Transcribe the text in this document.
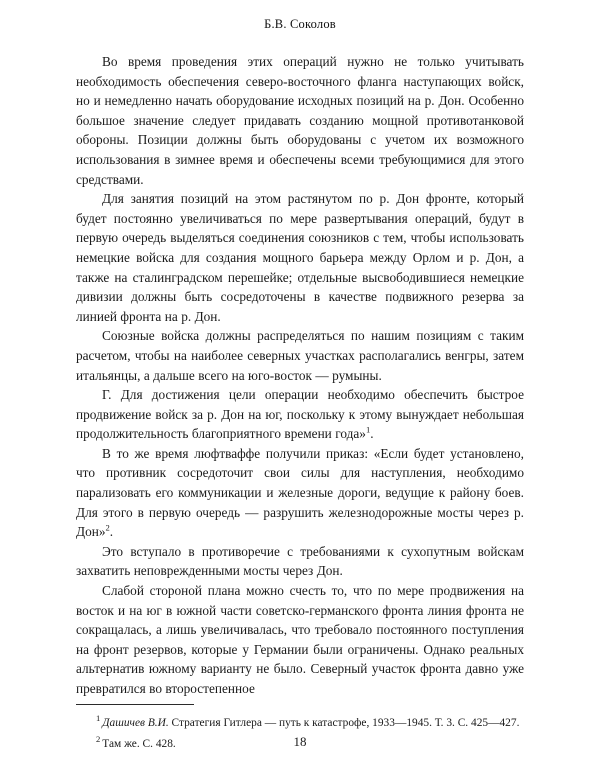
Б.В. Соколов

Во время проведения этих операций нужно не только учитывать необходимость обеспечения северо-восточного фланга наступающих войск, но и немедленно начать оборудование исходных позиций на р. Дон. Особенно большое значение следует придавать созданию мощной противотанковой обороны. Позиции должны быть оборудованы с учетом их возможного использования в зимнее время и обеспечены всеми требующимися для этого средствами.

Для занятия позиций на этом растянутом по р. Дон фронте, который будет постоянно увеличиваться по мере развертывания операций, будут в первую очередь выделяться соединения союзников с тем, чтобы использовать немецкие войска для создания мощного барьера между Орлом и р. Дон, а также на сталинградском перешейке; отдельные высвободившиеся немецкие дивизии должны быть сосредоточены в качестве подвижного резерва за линией фронта на р. Дон.

Союзные войска должны распределяться по нашим позициям с таким расчетом, чтобы на наиболее северных участках располагались венгры, затем итальянцы, а дальше всего на юго-восток — румыны.

Г. Для достижения цели операции необходимо обеспечить быстрое продвижение войск за р. Дон на юг, поскольку к этому вынуждает небольшая продолжительность благоприятного времени года»$^1$.

В то же время люфтваффе получили приказ: «Если будет установлено, что противник сосредоточит свои силы для наступления, необходимо парализовать его коммуникации и железные дороги, ведущие к району боев. Для этого в первую очередь — разрушить железнодорожные мосты через р. Дон»$^2$.

Это вступало в противоречие с требованиями к сухопутным войскам захватить неповрежденными мосты через Дон.

Слабой стороной плана можно счесть то, что по мере продвижения на восток и на юг в южной части советско-германского фронта линия фронта не сокращалась, а лишь увеличивалась, что требовало постоянного поступления на фронт резервов, которые у Германии были ограничены. Однако реальных альтернатив южному варианту не было. Северный участок фронта давно уже превратился во второстепенное

$^1$ Дашичев В.И. Стратегия Гитлера — путь к катастрофе, 1933—1945. Т. 3. С. 425—427.

$^2$ Там же. С. 428.	18
